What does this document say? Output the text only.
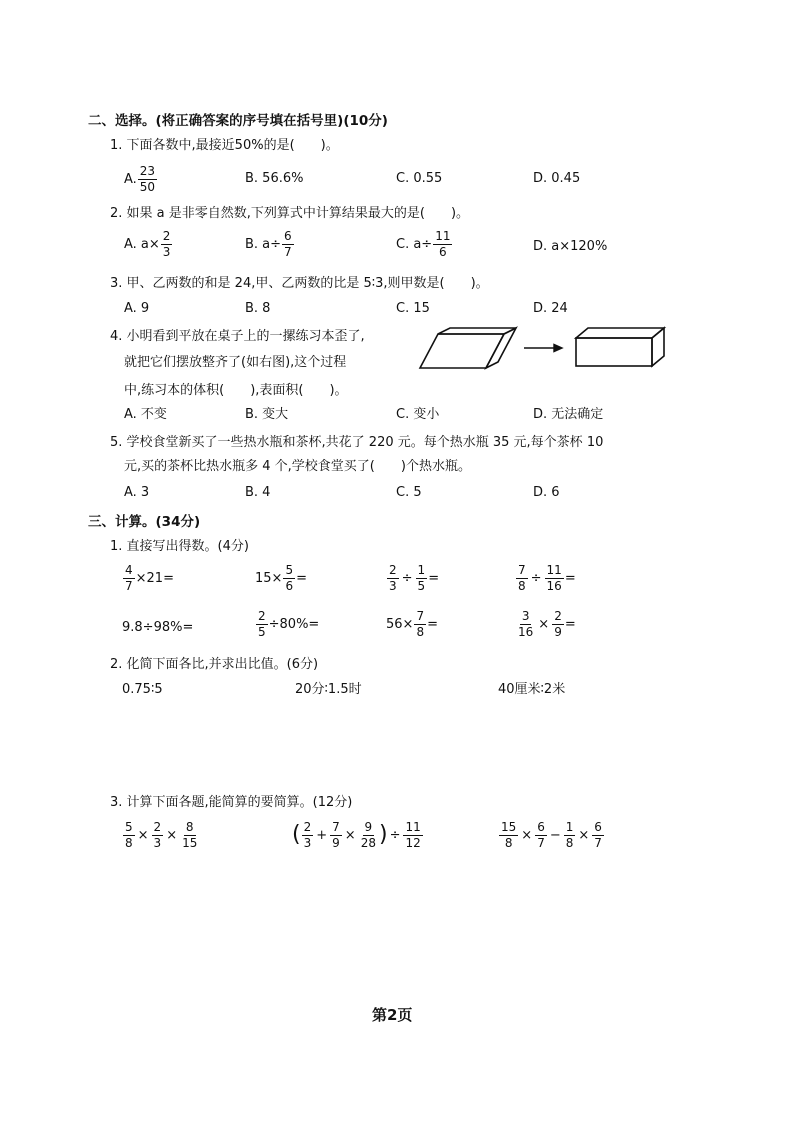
二、选择。(将正确答案的序号填在括号里)(10分)
1. 下面各数中,最接近50%的是(　　)。
A. $\frac{23}{50}$	B. 56.6%	C. 0.55	D. 0.45
2. 如果 a 是非零自然数,下列算式中计算结果最大的是(　　)。
A. $a\times \frac{2}{3}$	B. $a\div \frac{6}{7}$	C. $a\div \frac{11}{6}$	D. a×120%
3. 甲、乙两数的和是 24,甲、乙两数的比是 5∶3,则甲数是(　　)。
A. 9	B. 8	C. 15	D. 24
4. 小明看到平放在桌子上的一摞练习本歪了,
就把它们摆放整齐了(如右图),这个过程
中,练习本的体积(　　),表面积(　　)。
A. 不变	B. 变大	C. 变小	D. 无法确定
5. 学校食堂新买了一些热水瓶和茶杯,共花了 220 元。每个热水瓶 35 元,每个茶杯 10
元,买的茶杯比热水瓶多 4 个,学校食堂买了(　　)个热水瓶。
A. 3	B. 4	C. 5	D. 6
三、计算。(34分)
1. 直接写出得数。(4分)
$\frac{4}{7} \times 21=$	$15\times \frac{5}{6}$ =	$\frac{2}{3} \div \frac{1}{5}$ =	$\frac{7}{8} \div \frac{11}{16}$ =
9.8÷98%=	$\frac{2}{5} \div 80\%=$	$56\times \frac{7}{8}$ =	$\frac{3}{16} \times \frac{2}{9}$ =
2. 化简下面各比,并求出比值。(6分)
0.75∶5	20分∶1.5时	40厘米∶2米
3. 计算下面各题,能简算的要简算。(12分)
$\frac{5}{8} \times \frac{2}{3} \times \frac{8}{15}$	( $\frac{2}{3} + \frac{7}{9} \times \frac{9}{28}$ ) ÷ $\frac{11}{12}$	$\frac{15}{8} \times \frac{6}{7} - \frac{1}{8} \times \frac{6}{7}$
第2页
